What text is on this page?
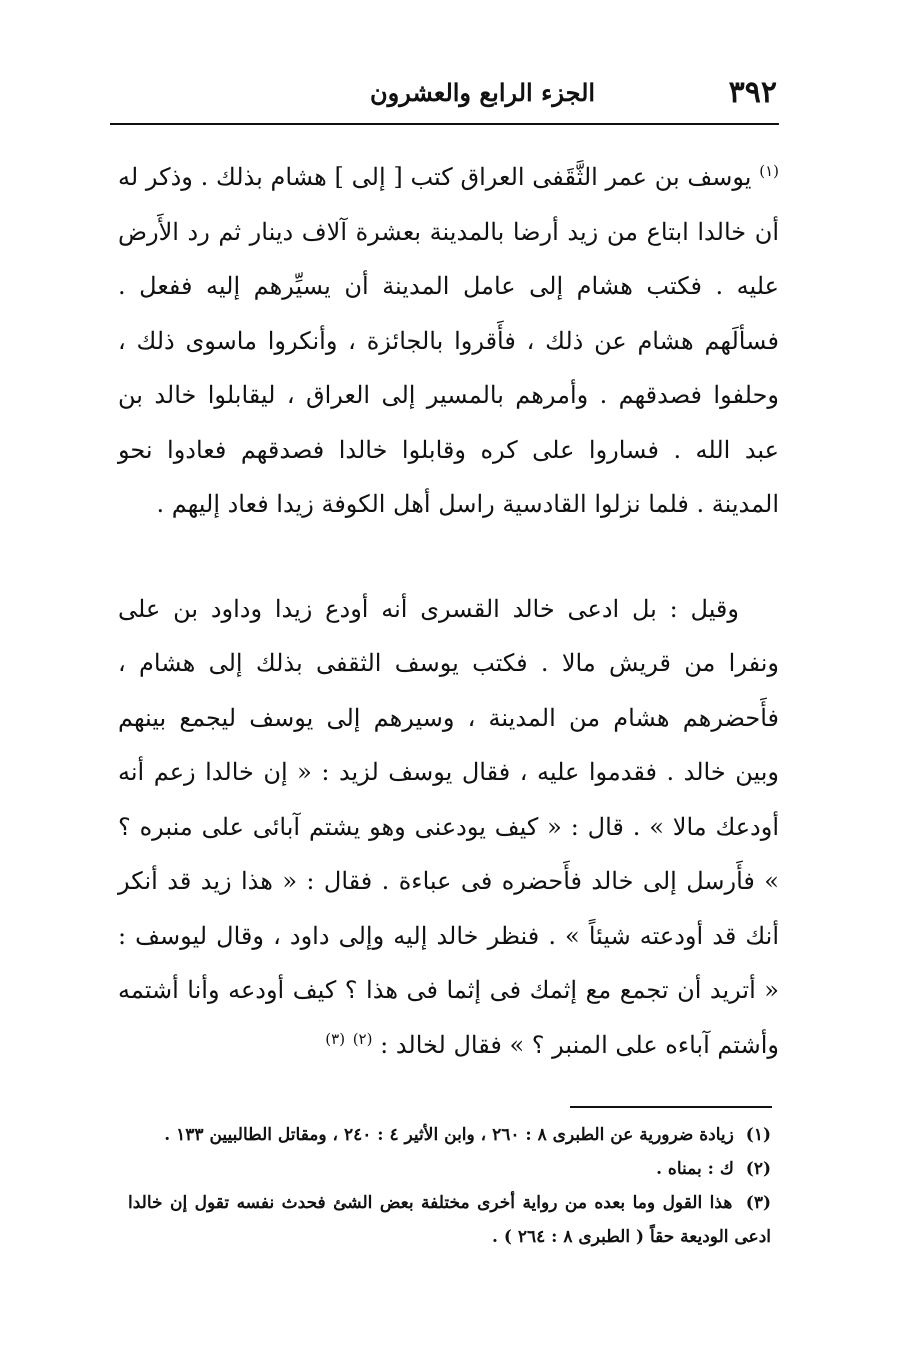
٣٩٢
الجزء الرابع والعشرون

$^{(١)}$ يوسف بن عمر الثَّقَفى العراق كتب [ إلى ] هشام بذلك . وذكر له أن خالدا ابتاع من زيد أرضا بالمدينة بعشرة آلاف دينار ثم رد الأَرض عليه . فكتب هشام إلى عامل المدينة أن يسيِّرهم إليه ففعل . فسألَهم هشام عن ذلك ، فأَقروا بالجائزة ، وأنكروا ماسوى ذلك ، وحلفوا فصدقهم . وأمرهم بالمسير إلى العراق ، ليقابلوا خالد بن عبد الله . فساروا على كره وقابلوا خالدا فصدقهم فعادوا نحو المدينة . فلما نزلوا القادسية راسل أهل الكوفة زيدا فعاد إليهم .

وقيل : بل ادعى خالد القسرى أنه أودع زيدا وداود بن على ونفرا من قريش مالا . فكتب يوسف الثقفى بذلك إلى هشام ، فأَحضرهم هشام من المدينة ، وسيرهم إلى يوسف ليجمع بينهم وبين خالد . فقدموا عليه ، فقال يوسف لزيد : « إن خالدا زعم أنه أودعك مالا » . قال : « كيف يودعنى وهو يشتم آبائى على منبره ؟ » فأَرسل إلى خالد فأَحضره فى عباءة . فقال : « هذا زيد قد أنكر أنك قد أودعته شيئاً » . فنظر خالد إليه وإلى داود ، وقال ليوسف : « أتريد أن تجمع مع إثمك فى إثما فى هذا ؟ كيف أودعه وأنا أشتمه وأشتم آباءه على المنبر ؟ » فقال لخالد : $^{(٢)}$ $^{(٣)}$

(١) زيادة ضرورية عن الطبرى ٨ : ٢٦٠ ، وابن الأثير ٤ : ٢٤٠ ، ومقاتل الطالبيين ١٣٣ .

(٢) ك : بمناه .

(٣) هذا القول وما بعده من رواية أخرى مختلفة بعض الشئ فحدث نفسه تقول إن خالدا ادعى الوديعة حقاً ( الطبرى ٨ : ٢٦٤ ) .
